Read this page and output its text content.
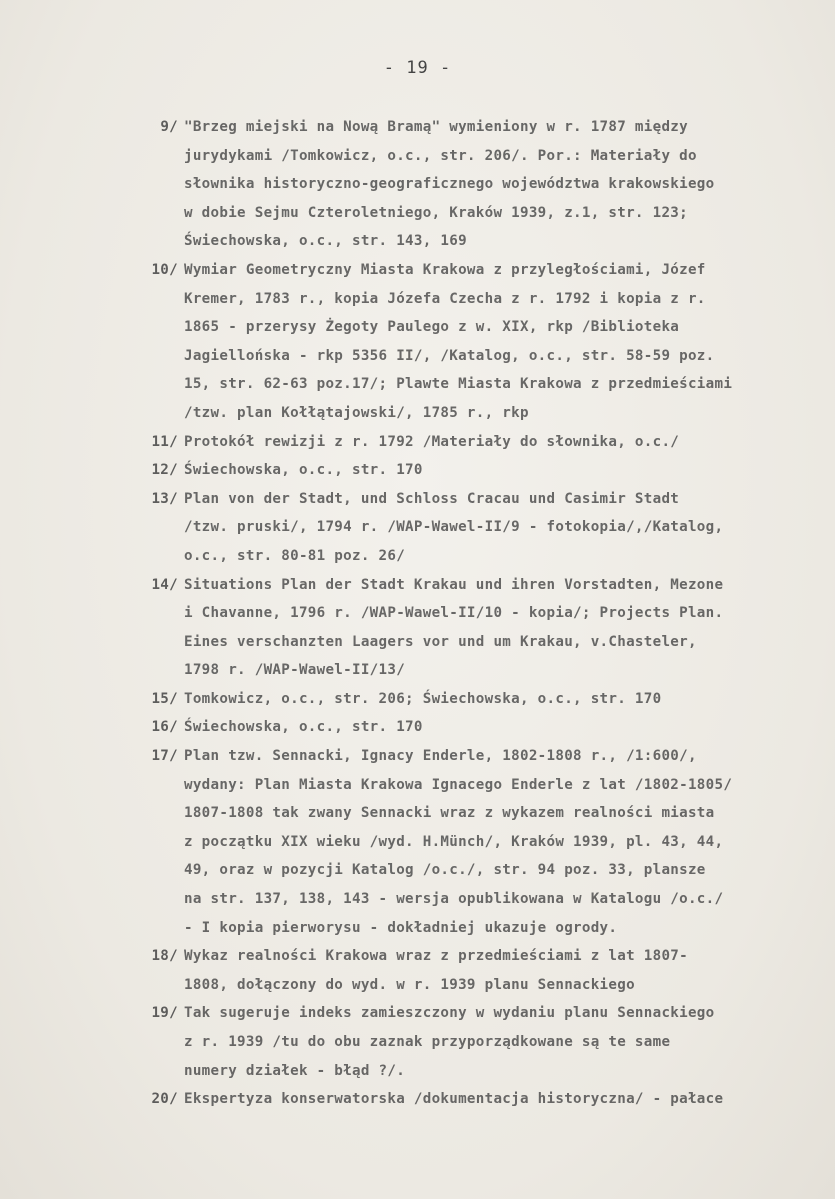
- 19 -
9/ "Brzeg miejski na Nową Bramą" wymieniony w r. 1787 między
jurydykami /Tomkowicz, o.c., str. 206/. Por.: Materiały do
słownika historyczno-geograficznego województwa krakowskiego
w dobie Sejmu Czteroletniego, Kraków 1939, z.1, str. 123;
Świechowska, o.c., str. 143, 169
10/ Wymiar Geometryczny Miasta Krakowa z przyległościami, Józef
Kremer, 1783 r., kopia Józefa Czecha z r. 1792 i kopia z r.
1865 - przerysy Żegoty Paulego z w. XIX, rkp /Biblioteka
Jagiellońska - rkp 5356 II/, /Katalog, o.c., str. 58-59 poz.
15, str. 62-63 poz.17/; Plawte Miasta Krakowa z przedmieściami
/tzw. plan Kołłątajowski/, 1785 r., rkp
11/ Protokół rewizji z r. 1792 /Materiały do słownika, o.c./
12/ Świechowska, o.c., str. 170
13/ Plan von der Stadt, und Schloss Cracau und Casimir Stadt
/tzw. pruski/, 1794 r. /WAP-Wawel-II/9 - fotokopia/,/Katalog,
o.c., str. 80-81 poz. 26/
14/ Situations Plan der Stadt Krakau und ihren Vorstadten, Mezone
i Chavanne, 1796 r. /WAP-Wawel-II/10 - kopia/; Projects Plan.
Eines verschanzten Laagers vor und um Krakau, v.Chasteler,
1798 r. /WAP-Wawel-II/13/
15/ Tomkowicz, o.c., str. 206; Świechowska, o.c., str. 170
16/ Świechowska, o.c., str. 170
17/ Plan tzw. Sennacki, Ignacy Enderle, 1802-1808 r., /1:600/,
wydany: Plan Miasta Krakowa Ignacego Enderle z lat /1802-1805/
1807-1808 tak zwany Sennacki wraz z wykazem realności miasta
z początku XIX wieku /wyd. H.Münch/, Kraków 1939, pl. 43, 44,
49, oraz w pozycji Katalog /o.c./, str. 94 poz. 33, plansze
na str. 137, 138, 143 - wersja opublikowana w Katalogu /o.c./
- I kopia pierworysu - dokładniej ukazuje ogrody.
18/ Wykaz realności Krakowa wraz z przedmieściami z lat 1807-
1808, dołączony do wyd. w r. 1939 planu Sennackiego
19/ Tak sugeruje indeks zamieszczony w wydaniu planu Sennackiego
z r. 1939 /tu do obu zaznak przyporządkowane są te same
numery działek - błąd ?/.
20/ Ekspertyza konserwatorska /dokumentacja historyczna/ - pałace
